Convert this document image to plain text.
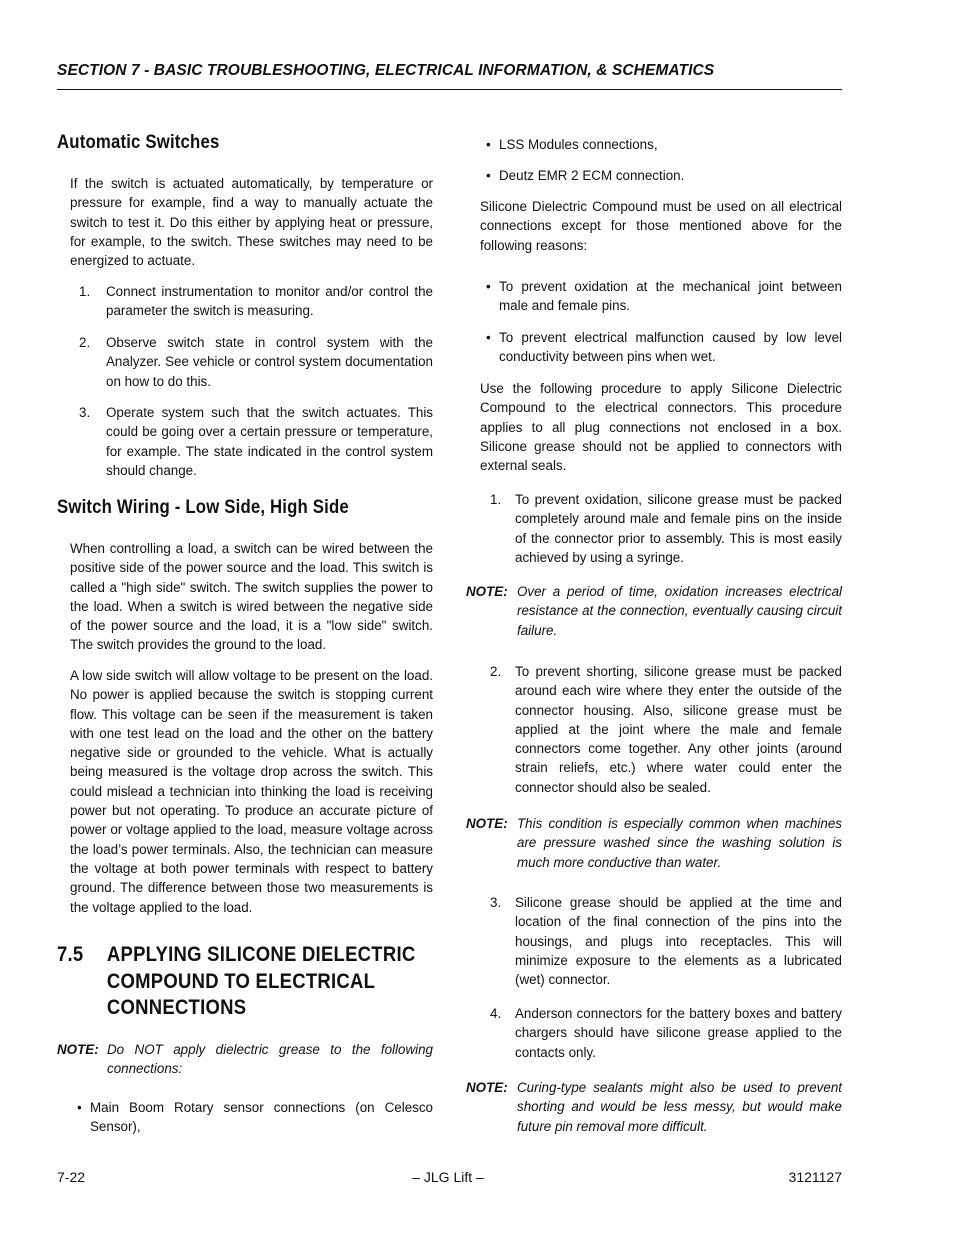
SECTION 7 - BASIC TROUBLESHOOTING, ELECTRICAL INFORMATION, & SCHEMATICS
Automatic Switches

If the switch is actuated automatically, by temperature or pressure for example, find a way to manually actuate the switch to test it. Do this either by applying heat or pressure, for example, to the switch. These switches may need to be energized to actuate.

1. Connect instrumentation to monitor and/or control the parameter the switch is measuring.

2. Observe switch state in control system with the Analyzer. See vehicle or control system documentation on how to do this.

3. Operate system such that the switch actuates. This could be going over a certain pressure or temperature, for example. The state indicated in the control system should change.

Switch Wiring - Low Side, High Side

When controlling a load, a switch can be wired between the positive side of the power source and the load. This switch is called a "high side" switch. The switch supplies the power to the load. When a switch is wired between the negative side of the power source and the load, it is a "low side" switch. The switch provides the ground to the load.

A low side switch will allow voltage to be present on the load. No power is applied because the switch is stopping current flow. This voltage can be seen if the measurement is taken with one test lead on the load and the other on the battery negative side or grounded to the vehicle. What is actually being measured is the voltage drop across the switch. This could mislead a technician into thinking the load is receiving power but not operating. To produce an accurate picture of power or voltage applied to the load, measure voltage across the load’s power terminals. Also, the technician can measure the voltage at both power terminals with respect to battery ground. The difference between those two measurements is the voltage applied to the load.

7.5 APPLYING SILICONE DIELECTRIC
COMPOUND TO ELECTRICAL
CONNECTIONS
NOTE: Do NOT apply dielectric grease to the following connections:

• Main Boom Rotary sensor connections (on Celesco Sensor),

• LSS Modules connections,

• Deutz EMR 2 ECM connection.

Silicone Dielectric Compound must be used on all electrical connections except for those mentioned above for the following reasons:

• To prevent oxidation at the mechanical joint between male and female pins.

• To prevent electrical malfunction caused by low level conductivity between pins when wet.

Use the following procedure to apply Silicone Dielectric Compound to the electrical connectors. This procedure applies to all plug connections not enclosed in a box. Silicone grease should not be applied to connectors with external seals.

1. To prevent oxidation, silicone grease must be packed completely around male and female pins on the inside of the connector prior to assembly. This is most easily achieved by using a syringe.

NOTE: Over a period of time, oxidation increases electrical resistance at the connection, eventually causing circuit failure.

2. To prevent shorting, silicone grease must be packed around each wire where they enter the outside of the connector housing. Also, silicone grease must be applied at the joint where the male and female connectors come together. Any other joints (around strain reliefs, etc.) where water could enter the connector should also be sealed.

NOTE: This condition is especially common when machines are pressure washed since the washing solution is much more conductive than water.

3. Silicone grease should be applied at the time and location of the final connection of the pins into the housings, and plugs into receptacles. This will minimize exposure to the elements as a lubricated (wet) connector.

4. Anderson connectors for the battery boxes and battery chargers should have silicone grease applied to the contacts only.

NOTE: Curing-type sealants might also be used to prevent shorting and would be less messy, but would make future pin removal more difficult.

7-22	– JLG Lift –	3121127
